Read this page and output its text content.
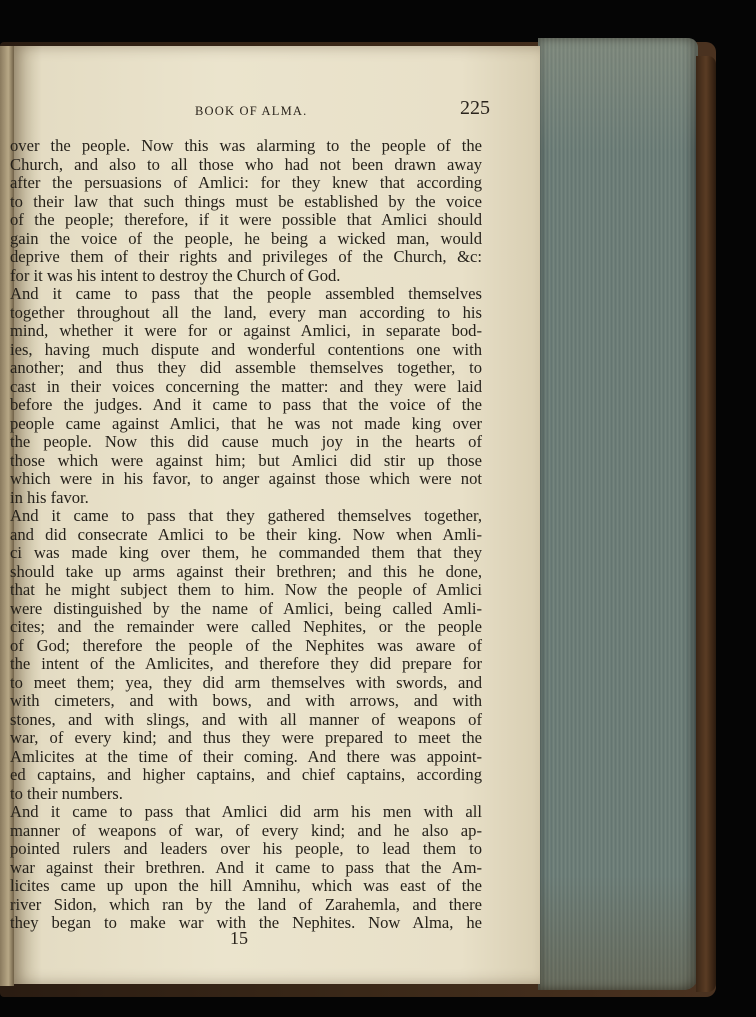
BOOK OF ALMA.	225
over the people. Now this was alarming to the people of the
Church, and also to all those who had not been drawn away
after the persuasions of Amlici: for they knew that according
to their law that such things must be established by the voice
of the people; therefore, if it were possible that Amlici should
gain the voice of the people, he being a wicked man, would
deprive them of their rights and privileges of the Church, &c:
for it was his intent to destroy the Church of God.
And it came to pass that the people assembled themselves
together throughout all the land, every man according to his
mind, whether it were for or against Amlici, in separate bod-
ies, having much dispute and wonderful contentions one with
another; and thus they did assemble themselves together, to
cast in their voices concerning the matter: and they were laid
before the judges. And it came to pass that the voice of the
people came against Amlici, that he was not made king over
the people. Now this did cause much joy in the hearts of
those which were against him; but Amlici did stir up those
which were in his favor, to anger against those which were not
in his favor.
And it came to pass that they gathered themselves together,
and did consecrate Amlici to be their king. Now when Amli-
ci was made king over them, he commanded them that they
should take up arms against their brethren; and this he done,
that he might subject them to him. Now the people of Amlici
were distinguished by the name of Amlici, being called Amli-
cites; and the remainder were called Nephites, or the people
of God; therefore the people of the Nephites was aware of
the intent of the Amlicites, and therefore they did prepare for
to meet them; yea, they did arm themselves with swords, and
with cimeters, and with bows, and with arrows, and with
stones, and with slings, and with all manner of weapons of
war, of every kind; and thus they were prepared to meet the
Amlicites at the time of their coming. And there was appoint-
ed captains, and higher captains, and chief captains, according
to their numbers.
And it came to pass that Amlici did arm his men with all
manner of weapons of war, of every kind; and he also ap-
pointed rulers and leaders over his people, to lead them to
war against their brethren. And it came to pass that the Am-
licites came up upon the hill Amnihu, which was east of the
river Sidon, which ran by the land of Zarahemla, and there
they began to make war with the Nephites. Now Alma, he
15
